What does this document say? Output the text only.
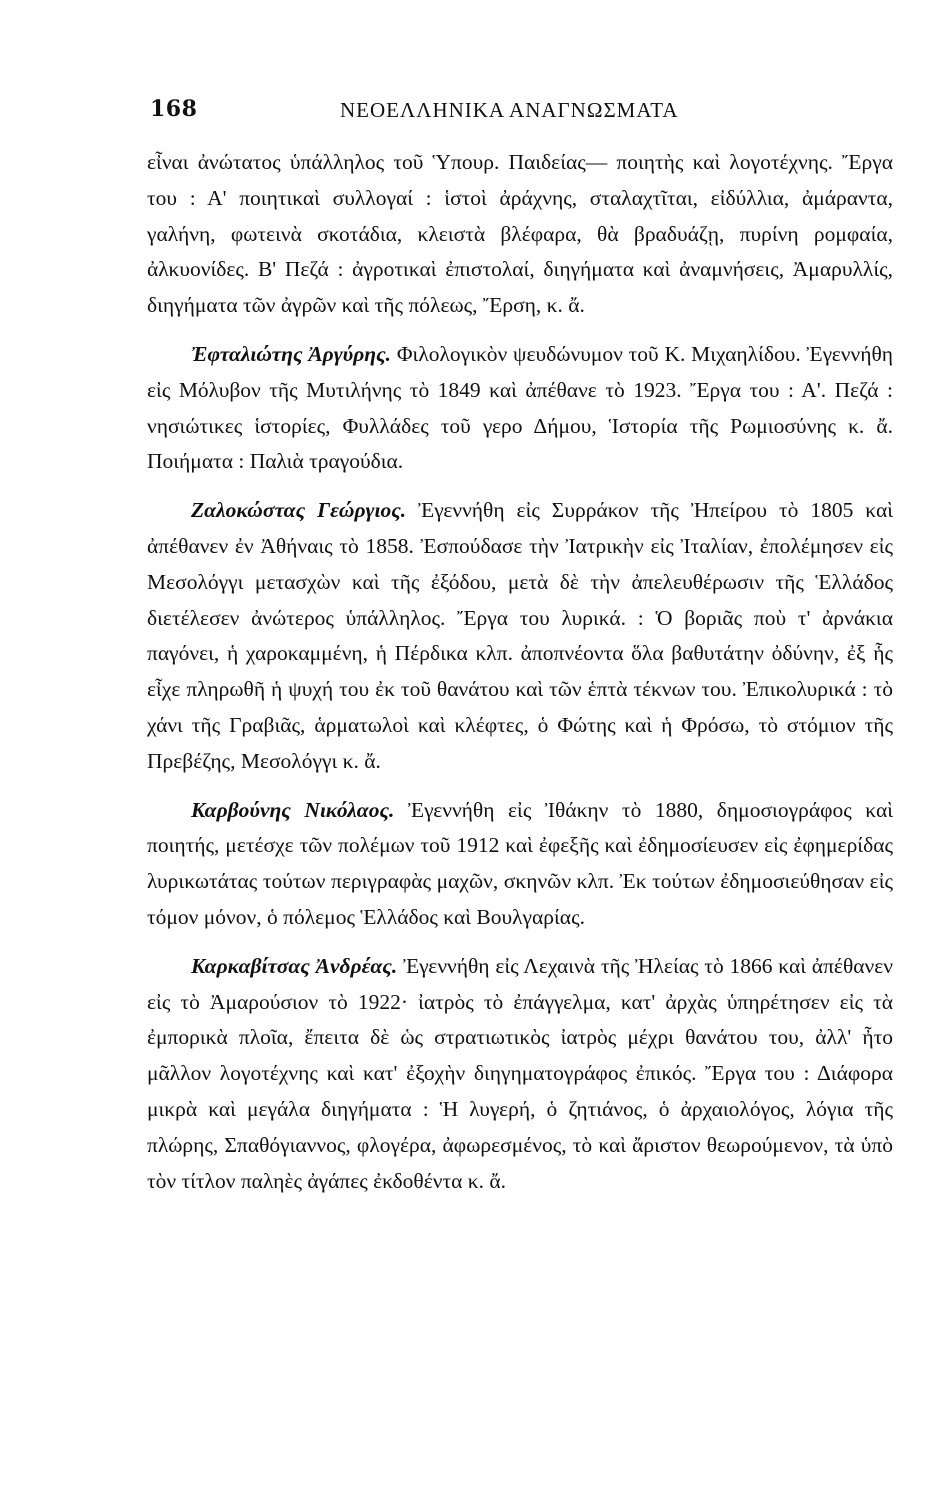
168	ΝΕΟΕΛΛΗΝΙΚΑ ΑΝΑΓΝΩΣΜΑΤΑ

εἶναι ἀνώτατος ὑπάλληλος τοῦ Ὑπουρ. Παιδείας— ποιητὴς καὶ λογοτέχνης. Ἔργα του : Α' ποιητικαὶ συλλογαί : ἱστοὶ ἀράχνης, σταλαχτῖται, εἰδύλλια, ἀμάραντα, γαλήνη, φωτεινὰ σκοτάδια, κλειστὰ βλέφαρα, θὰ βραδυάζῃ, πυρίνη ρομφαία, ἀλκυονίδες. Β' Πεζά : ἀγροτικαὶ ἐπιστολαί, διηγήματα καὶ ἀναμνήσεις, Ἀμαρυλλίς, διηγήματα τῶν ἀγρῶν καὶ τῆς πόλεως, Ἔρση, κ. ἄ.

Ἐφταλιώτης Ἀργύρης. Φιλολογικὸν ψευδώνυμον τοῦ Κ. Μιχαηλίδου. Ἐγεννήθη εἰς Μόλυβον τῆς Μυτιλήνης τὸ 1849 καὶ ἀπέθανε τὸ 1923. Ἔργα του : Α'. Πεζά : νησιώτικες ἱστορίες, Φυλλάδες τοῦ γερο Δήμου, Ἱστορία τῆς Ρωμιοσύνης κ. ἄ. Ποιήματα : Παλιὰ τραγούδια.

Ζαλοκώστας Γεώργιος. Ἐγεννήθη εἰς Συρράκον τῆς Ἠπείρου τὸ 1805 καὶ ἀπέθανεν ἐν Ἀθήναις τὸ 1858. Ἐσπούδασε τὴν Ἰατρικὴν εἰς Ἰταλίαν, ἐπολέμησεν εἰς Μεσολόγγι μετασχὼν καὶ τῆς ἐξόδου, μετὰ δὲ τὴν ἀπελευθέρωσιν τῆς Ἑλλάδος διετέλεσεν ἀνώτερος ὑπάλληλος. Ἔργα του λυρικά. : Ὁ βοριᾶς ποὺ τ' ἀρνάκια παγόνει, ἡ χαροκαμμένη, ἡ Πέρδικα κλπ. ἀποπνέοντα ὅλα βαθυτάτην ὀδύνην, ἐξ ἧς εἶχε πληρωθῆ ἡ ψυχή του ἐκ τοῦ θανάτου καὶ τῶν ἑπτὰ τέκνων του. Ἐπικολυρικά : τὸ χάνι τῆς Γραβιᾶς, ἁρματωλοὶ καὶ κλέφτες, ὁ Φώτης καὶ ἡ Φρόσω, τὸ στόμιον τῆς Πρεβέζης, Μεσολόγγι κ. ἄ.

Καρβούνης Νικόλαος. Ἐγεννήθη εἰς Ἰθάκην τὸ 1880, δημοσιογράφος καὶ ποιητής, μετέσχε τῶν πολέμων τοῦ 1912 καὶ ἐφεξῆς καὶ ἐδημοσίευσεν εἰς ἐφημερίδας λυρικωτάτας τούτων περιγραφὰς μαχῶν, σκηνῶν κλπ. Ἐκ τούτων ἐδημοσιεύθησαν εἰς τόμον μόνον, ὁ πόλεμος Ἑλλάδος καὶ Βουλγαρίας.

Καρκαβίτσας Ἀνδρέας. Ἐγεννήθη εἰς Λεχαινὰ τῆς Ἠλείας τὸ 1866 καὶ ἀπέθανεν εἰς τὸ Ἀμαρούσιον τὸ 1922· ἰατρὸς τὸ ἐπάγγελμα, κατ' ἀρχὰς ὑπηρέτησεν εἰς τὰ ἐμπορικὰ πλοῖα, ἔπειτα δὲ ὡς στρατιωτικὸς ἰατρὸς μέχρι θανάτου του, ἀλλ' ἦτο μᾶλλον λογοτέχνης καὶ κατ' ἐξοχὴν διηγηματογράφος ἐπικός. Ἔργα του : Διάφορα μικρὰ καὶ μεγάλα διηγήματα : Ἡ λυγερή, ὁ ζητιάνος, ὁ ἀρχαιολόγος, λόγια τῆς πλώρης, Σπαθόγιαννος, φλογέρα, ἀφωρεσμένος, τὸ καὶ ἄριστον θεωρούμενον, τὰ ὑπὸ τὸν τίτλον παληὲς ἀγάπες ἐκδοθέντα κ. ἄ.
